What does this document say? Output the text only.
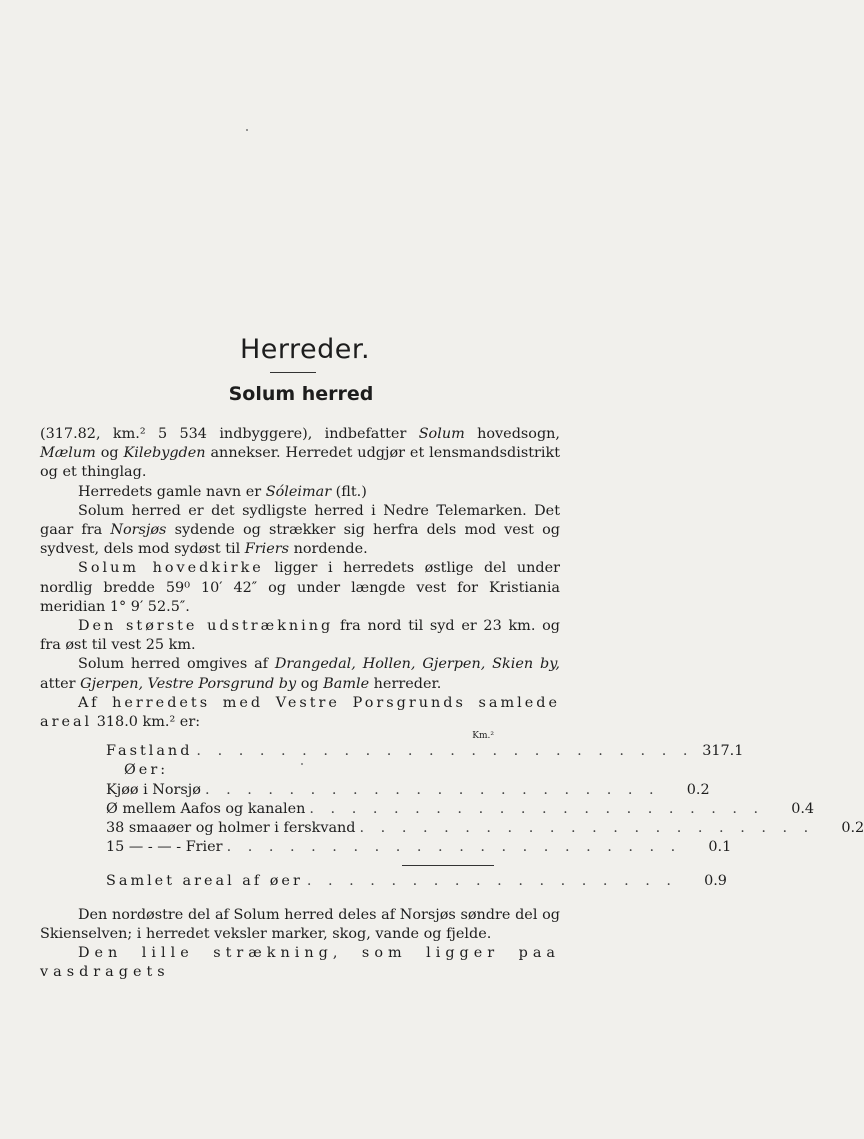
Herreder.
Solum herred
(317.82, km.² 5 534 indbyggere), indbefatter Solum hovedsogn, Mælum og Kilebygden annekser. Herredet udgjør et lensmandsdistrikt og et thinglag.
Herredets gamle navn er Sóleimar (flt.)
Solum herred er det sydligste herred i Nedre Telemarken. Det gaar fra Norsjøs sydende og strækker sig herfra dels mod vest og sydvest, dels mod sydøst til Friers nordende.
Solum hovedkirke ligger i herredets østlige del under nordlig bredde 59⁰ 10′ 42″ og under længde vest for Kristiania meridian 1° 9′ 52.5″.
Den største udstrækning fra nord til syd er 23 km. og fra øst til vest 25 km.
Solum herred omgives af Drangedal, Hollen, Gjerpen, Skien by, atter Gjerpen, Vestre Porsgrund by og Bamle herreder.
Af herredets med Vestre Porsgrunds samlede areal 318.0 km.² er:
Km.²
Fastland . . . . . . . . . . . . . . . . . . . . . . . . 317.1
Øer:
Kjøø i Norsjø . . . . . . . . . . . . . . . . . . . . . .	0.2
Ø mellem Aafos og kanalen . . . . . . . . . . . . . . . . . . . . . .	0.4
38 smaaøer og holmer i ferskvand . . . . . . . . . . . . . . . . . . . . . .	0.2
15 — - — - Frier . . . . . . . . . . . . . . . . . . . . . .	0.1
Samlet areal af øer . . . . . . . . . . . . . . . . . .	0.9
Den nordøstre del af Solum herred deles af Norsjøs søndre del og Skienselven; i herredet veksler marker, skog, vande og fjelde.
Den lille strækning, som ligger paa vasdragets
